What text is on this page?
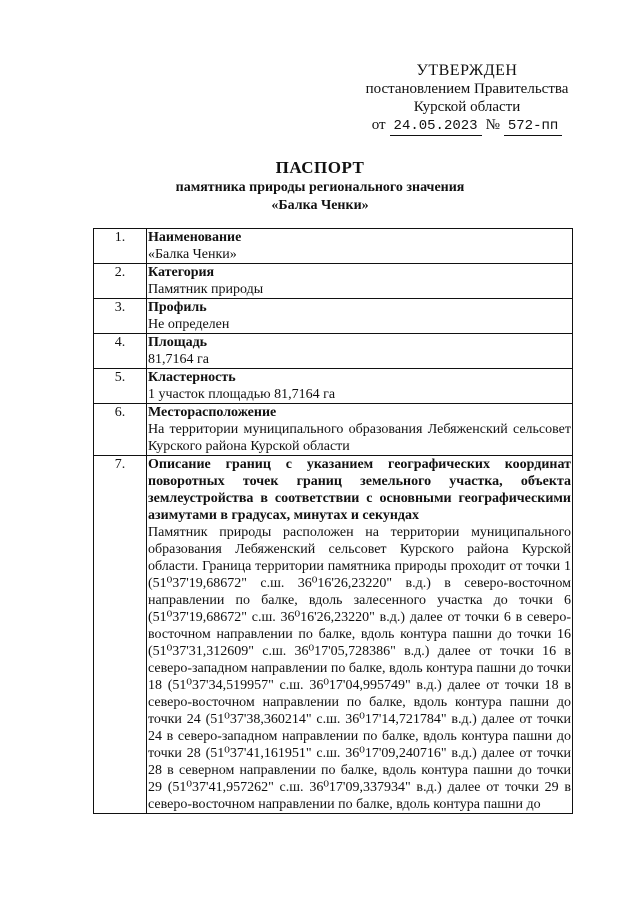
УТВЕРЖДЕН
постановлением Правительства
Курской области
от 24.05.2023 № 572-пп
ПАСПОРТ
памятника природы регионального значения
«Балка Ченки»
1.	Наименование
«Балка Ченки»

2.	Категория
Памятник природы

3.	Профиль
Не определен

4.	Площадь
81,7164 га

5.	Кластерность
1 участок площадью 81,7164 га

6.	Месторасположение
На территории муниципального образования Лебяженский сельсовет Курского района Курской области

7.	Описание границ с указанием географических координат поворотных точек границ земельного участка, объекта землеустройства в соответствии с основными географическими азимутами в градусах, минутах и секундах
Памятник природы расположен на территории муниципального образования Лебяженский сельсовет Курского района Курской области. Граница территории памятника природы проходит от точки 1 (51⁰37'19,68672" с.ш. 36⁰16'26,23220" в.д.) в северо-восточном направлении по балке, вдоль залесенного участка до точки 6 (51⁰37'19,68672" с.ш. 36⁰16'26,23220" в.д.) далее от точки 6 в северо-восточном направлении по балке, вдоль контура пашни до точки 16 (51⁰37'31,312609" с.ш. 36⁰17'05,728386" в.д.) далее от точки 16 в северо-западном направлении по балке, вдоль контура пашни до точки 18 (51⁰37'34,519957" с.ш. 36⁰17'04,995749" в.д.) далее от точки 18 в северо-восточном направлении по балке, вдоль контура пашни до точки 24 (51⁰37'38,360214" с.ш. 36⁰17'14,721784" в.д.) далее от точки 24 в северо-западном направлении по балке, вдоль контура пашни до точки 28 (51⁰37'41,161951" с.ш. 36⁰17'09,240716" в.д.) далее от точки 28 в северном направлении по балке, вдоль контура пашни до точки 29 (51⁰37'41,957262" с.ш. 36⁰17'09,337934" в.д.) далее от точки 29 в северо-восточном направлении по балке, вдоль контура пашни до
